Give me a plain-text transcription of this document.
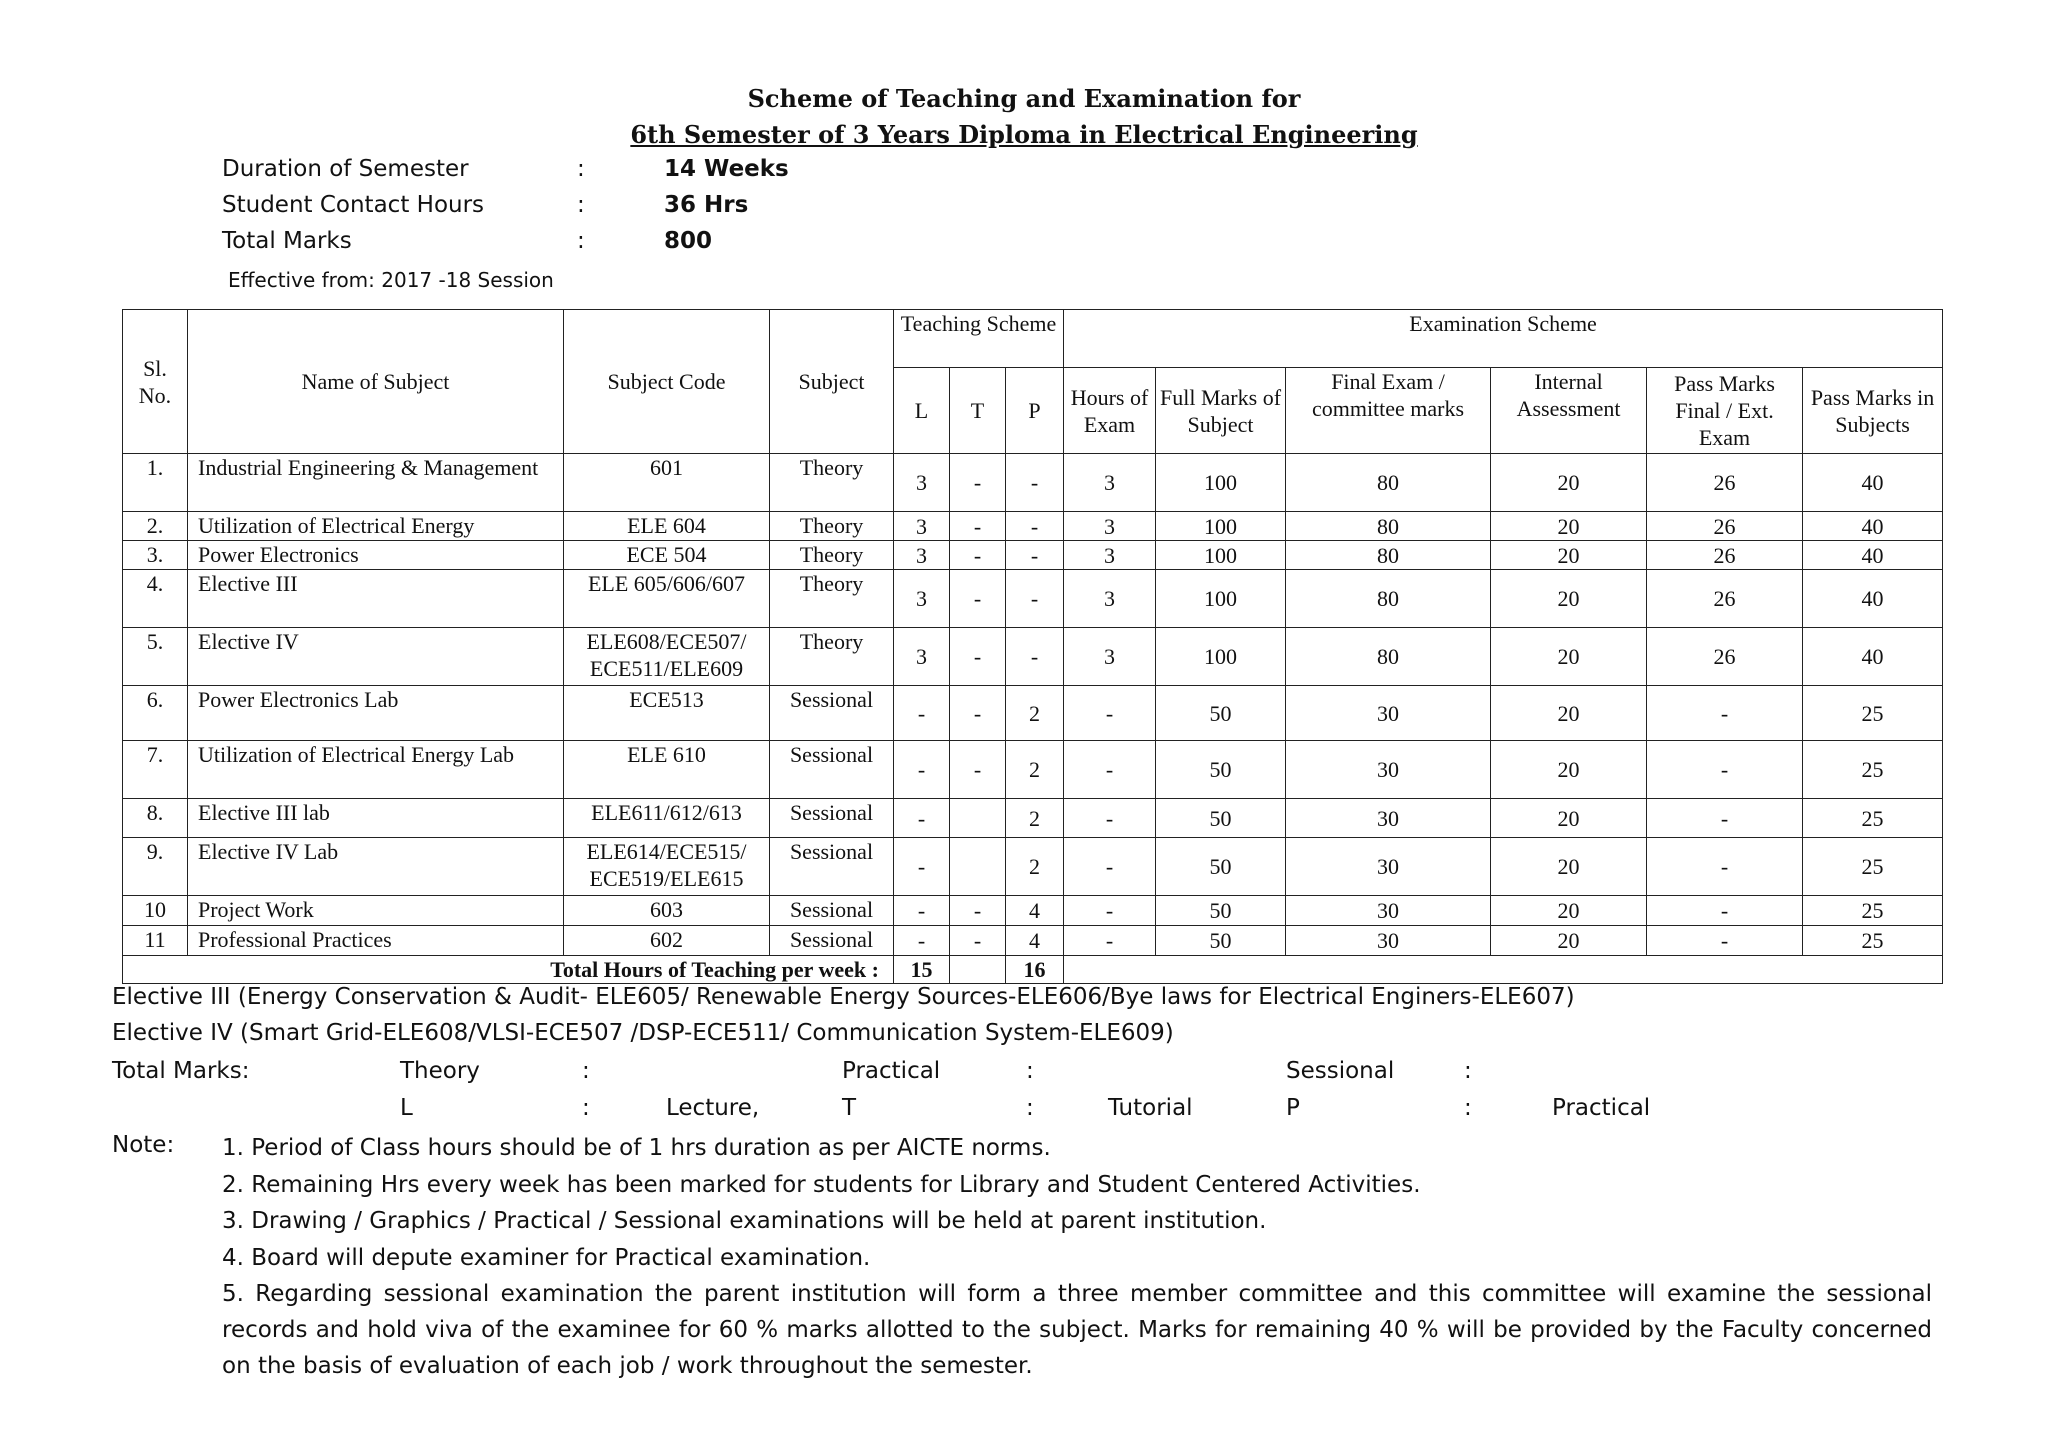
Scheme of Teaching and Examination for
6th Semester of 3 Years Diploma in Electrical Engineering
Duration of Semester	:	14 Weeks
Student Contact Hours	:	36 Hrs
Total Marks	:	800
Effective from: 2017 -18 Session
Sl. No.	Name of Subject	Subject Code	Subject	Teaching Scheme			Examination Scheme					
				L	T	P	Hours of Exam	Full Marks of Subject	Final Exam / committee marks	Internal Assessment	Pass Marks Final / Ext. Exam	Pass Marks in Subjects
1.	Industrial Engineering & Management	601	Theory	3	-	-	3	100	80	20	26	40
2.	Utilization of Electrical Energy	ELE 604	Theory	3	-	-	3	100	80	20	26	40
3.	Power Electronics	ECE 504	Theory	3	-	-	3	100	80	20	26	40
4.	Elective III	ELE 605/606/607	Theory	3	-	-	3	100	80	20	26	40
5.	Elective IV	ELE608/ECE507/ ECE511/ELE609	Theory	3	-	-	3	100	80	20	26	40
6.	Power Electronics Lab	ECE513	Sessional	-	-	2	-	50	30	20	-	25
7.	Utilization of Electrical Energy Lab	ELE 610	Sessional	-	-	2	-	50	30	20	-	25
8.	Elective III lab	ELE611/612/613	Sessional	-		2	-	50	30	20	-	25
9.	Elective IV Lab	ELE614/ECE515/ ECE519/ELE615	Sessional	-		2	-	50	30	20	-	25
10	Project Work	603	Sessional	-	-	4	-	50	30	20	-	25
11	Professional Practices	602	Sessional	-	-	4	-	50	30	20	-	25
Total Hours of Teaching per week :				15		16						
Elective III (Energy Conservation & Audit- ELE605/ Renewable Energy Sources-ELE606/Bye laws for Electrical Enginers-ELE607)
Elective IV (Smart Grid-ELE608/VLSI-ECE507 /DSP-ECE511/ Communication System-ELE609)
Total Marks:	Theory	:	Practical	:	Sessional	:
L	:	Lecture,	T	:	Tutorial	P	:	Practical
Note: 1. Period of Class hours should be of 1 hrs duration as per AICTE norms.
2. Remaining Hrs every week has been marked for students for Library and Student Centered Activities.
3. Drawing / Graphics / Practical / Sessional examinations will be held at parent institution.
4. Board will depute examiner for Practical examination.
5. Regarding sessional examination the parent institution will form a three member committee and this committee will examine the sessional records and hold viva of the examinee for 60 % marks allotted to the subject. Marks for remaining 40 % will be provided by the Faculty concerned on the basis of evaluation of each job / work throughout the semester.
